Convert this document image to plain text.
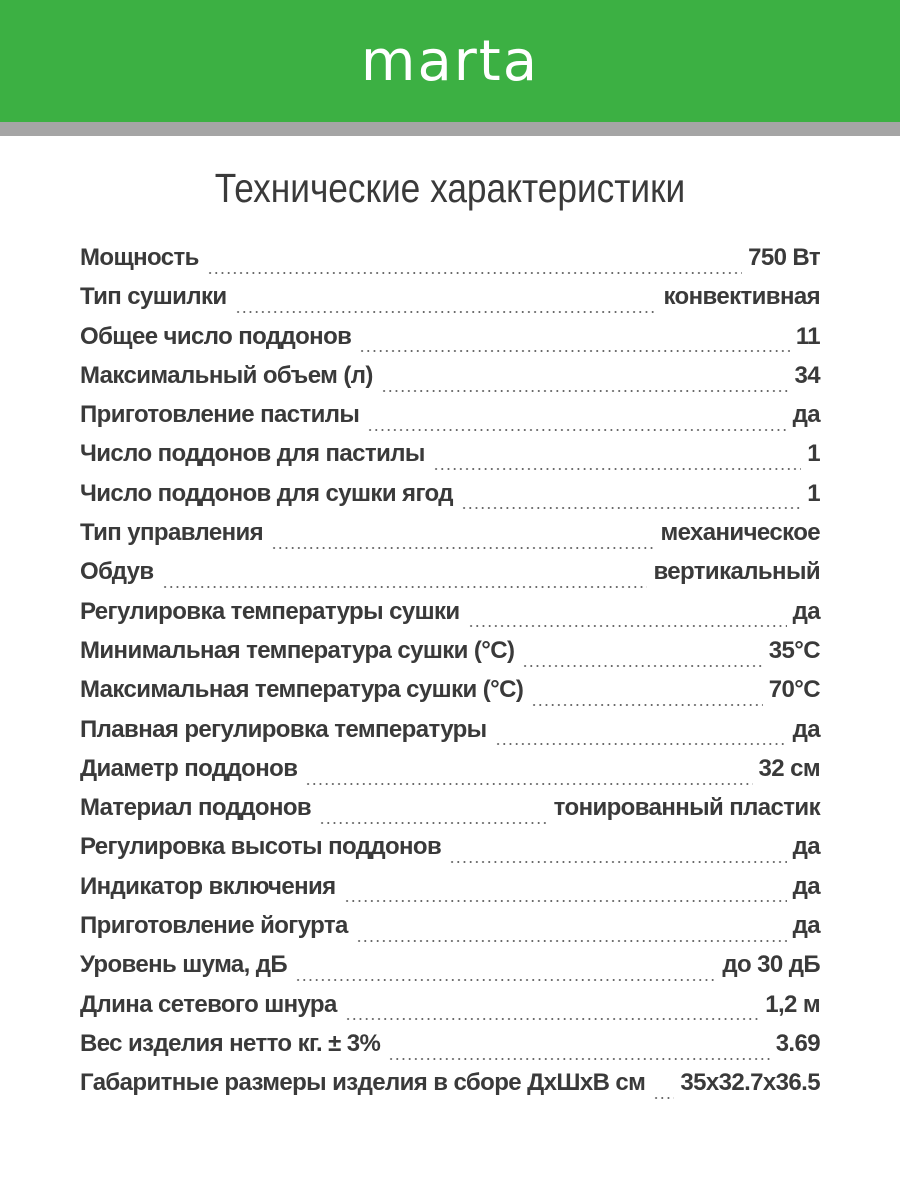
marta
Технические характеристики
Мощность	750 Вт
Тип сушилки	конвективная
Общее число поддонов	11
Максимальный объем (л)	34
Приготовление пастилы	да
Число поддонов для пастилы	1
Число поддонов для сушки ягод	1
Тип управления	механическое
Обдув	вертикальный
Регулировка температуры сушки	да
Минимальная температура сушки (°С)	35°С
Максимальная температура сушки (°С)	70°С
Плавная регулировка температуры	да
Диаметр поддонов	32 см
Материал поддонов	тонированный пластик
Регулировка высоты поддонов	да
Индикатор включения	да
Приготовление йогурта	да
Уровень шума, дБ	до 30 дБ
Длина сетевого шнура	1,2 м
Вес изделия нетто кг. ± 3%	3.69
Габаритные размеры изделия в сборе ДхШхВ см 35x32.7x36.5
